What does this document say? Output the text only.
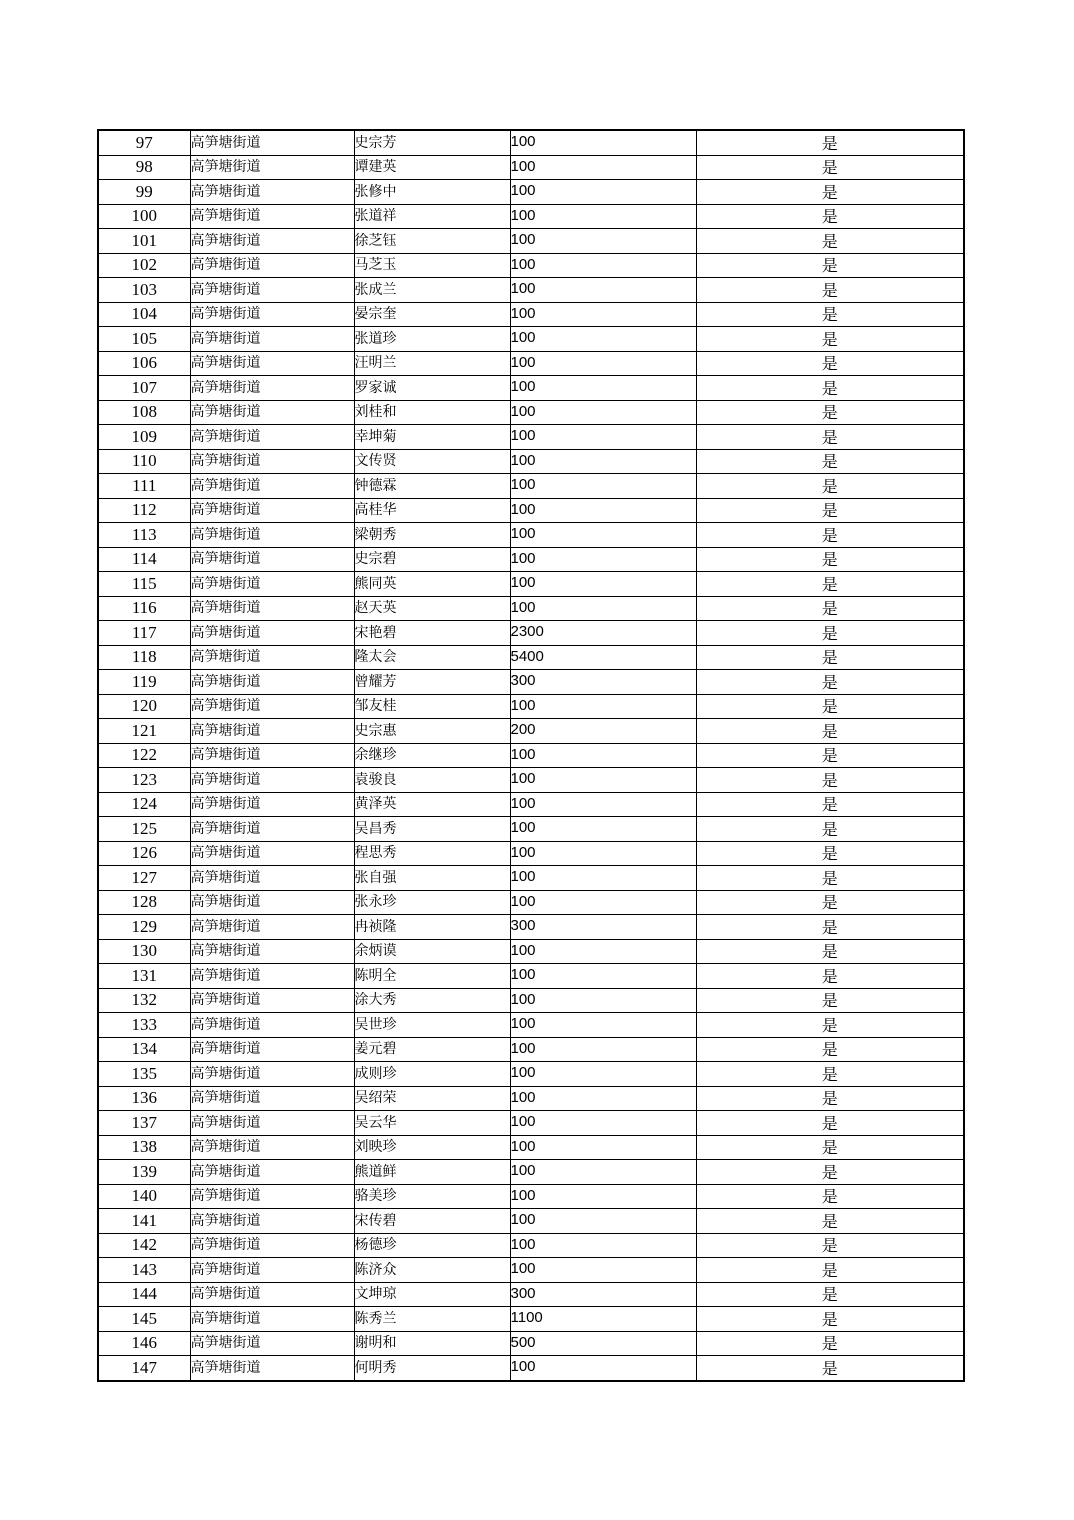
97	高笋塘街道	史宗芳	100	是
98	高笋塘街道	谭建英	100	是
99	高笋塘街道	张修中	100	是
100	高笋塘街道	张道祥	100	是
101	高笋塘街道	徐芝钰	100	是
102	高笋塘街道	马芝玉	100	是
103	高笋塘街道	张成兰	100	是
104	高笋塘街道	晏宗奎	100	是
105	高笋塘街道	张道珍	100	是
106	高笋塘街道	汪明兰	100	是
107	高笋塘街道	罗家诚	100	是
108	高笋塘街道	刘桂和	100	是
109	高笋塘街道	幸坤菊	100	是
110	高笋塘街道	文传贤	100	是
111	高笋塘街道	钟德霖	100	是
112	高笋塘街道	高桂华	100	是
113	高笋塘街道	梁朝秀	100	是
114	高笋塘街道	史宗碧	100	是
115	高笋塘街道	熊同英	100	是
116	高笋塘街道	赵天英	100	是
117	高笋塘街道	宋艳碧	2300	是
118	高笋塘街道	隆太会	5400	是
119	高笋塘街道	曾耀芳	300	是
120	高笋塘街道	邹友桂	100	是
121	高笋塘街道	史宗惠	200	是
122	高笋塘街道	余继珍	100	是
123	高笋塘街道	袁骏良	100	是
124	高笋塘街道	黄泽英	100	是
125	高笋塘街道	吴昌秀	100	是
126	高笋塘街道	程思秀	100	是
127	高笋塘街道	张自强	100	是
128	高笋塘街道	张永珍	100	是
129	高笋塘街道	冉祯隆	300	是
130	高笋塘街道	余炳谟	100	是
131	高笋塘街道	陈明全	100	是
132	高笋塘街道	涂大秀	100	是
133	高笋塘街道	吴世珍	100	是
134	高笋塘街道	姜元碧	100	是
135	高笋塘街道	成则珍	100	是
136	高笋塘街道	吴绍荣	100	是
137	高笋塘街道	吴云华	100	是
138	高笋塘街道	刘映珍	100	是
139	高笋塘街道	熊道鲜	100	是
140	高笋塘街道	骆美珍	100	是
141	高笋塘街道	宋传碧	100	是
142	高笋塘街道	杨德珍	100	是
143	高笋塘街道	陈济众	100	是
144	高笋塘街道	文坤琼	300	是
145	高笋塘街道	陈秀兰	1100	是
146	高笋塘街道	谢明和	500	是
147	高笋塘街道	何明秀	100	是
